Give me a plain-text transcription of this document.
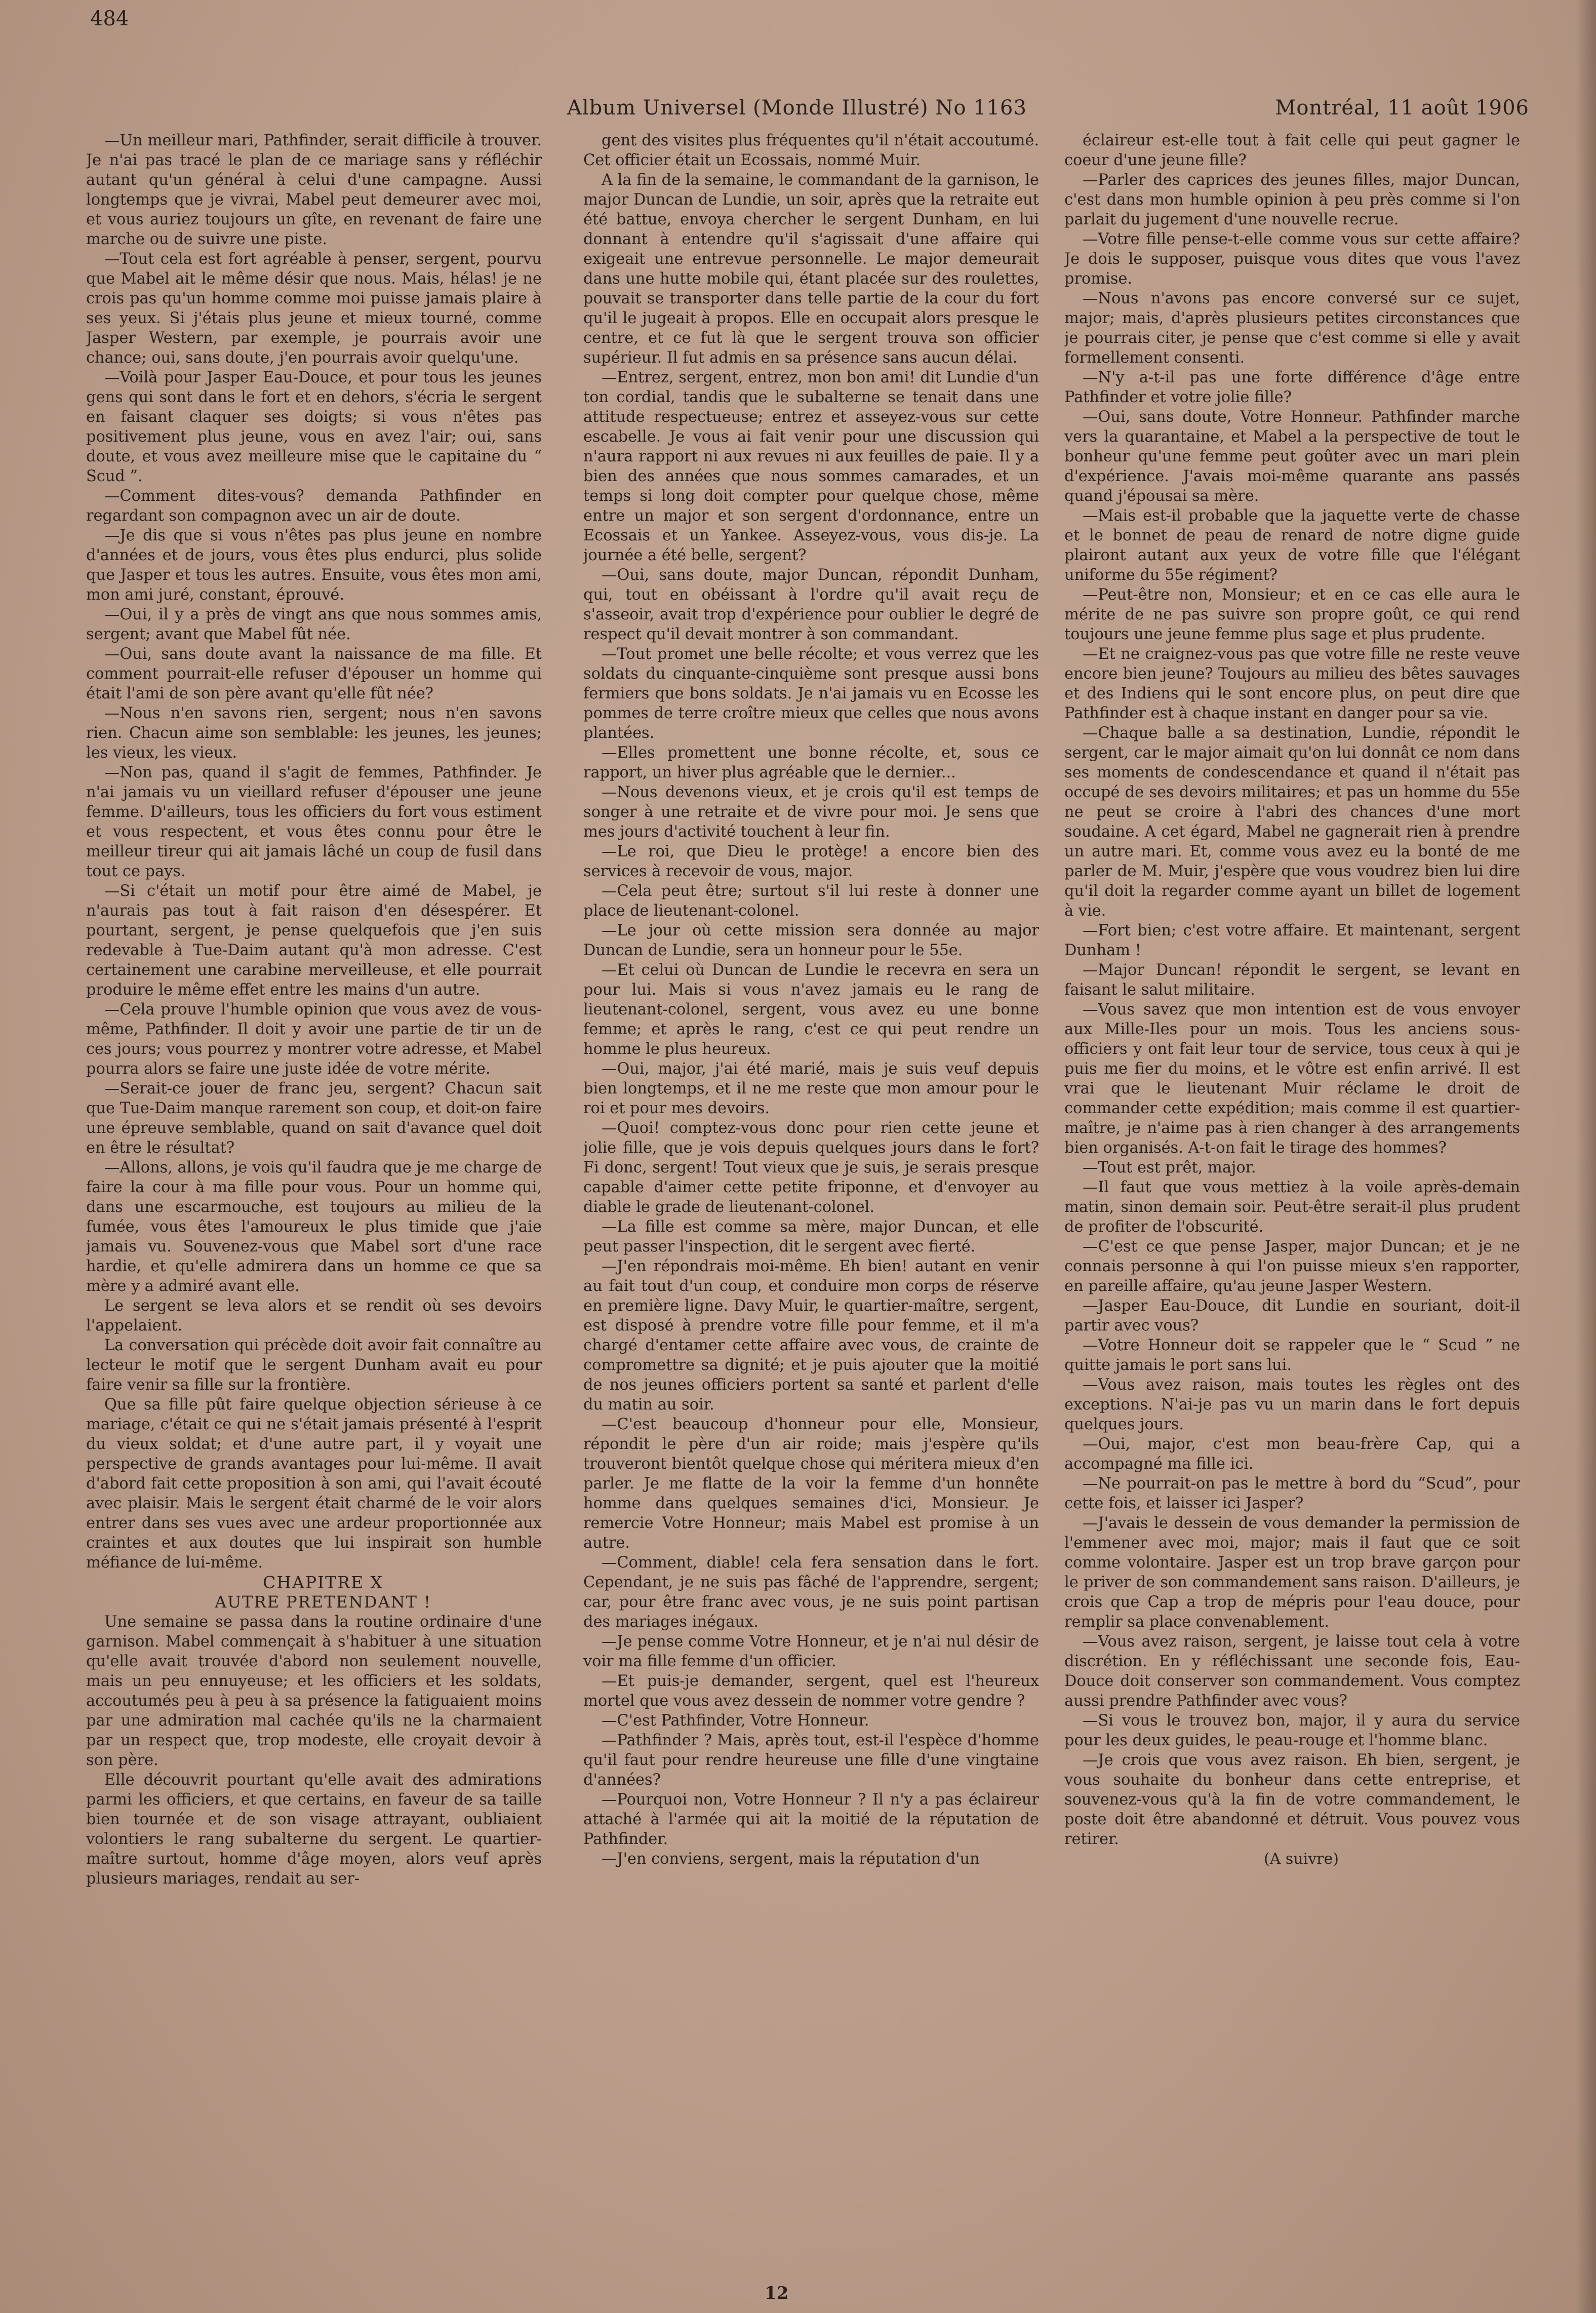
484
Album Universel (Monde Illustré) No 1163	Montréal, 11 août 1906

—Un meilleur mari, Pathfinder, serait difficile à trouver. Je n'ai pas tracé le plan de ce mariage sans y réfléchir autant qu'un général à celui d'une campagne. Aussi longtemps que je vivrai, Mabel peut demeurer avec moi, et vous auriez toujours un gîte, en revenant de faire une marche ou de suivre une piste.

—Tout cela est fort agréable à penser, sergent, pourvu que Mabel ait le même désir que nous. Mais, hélas! je ne crois pas qu'un homme comme moi puisse jamais plaire à ses yeux. Si j'étais plus jeune et mieux tourné, comme Jasper Western, par exemple, je pourrais avoir une chance; oui, sans doute, j'en pourrais avoir quelqu'une.

—Voilà pour Jasper Eau-Douce, et pour tous les jeunes gens qui sont dans le fort et en dehors, s'écria le sergent en faisant claquer ses doigts; si vous n'êtes pas positivement plus jeune, vous en avez l'air; oui, sans doute, et vous avez meilleure mise que le capitaine du “ Scud ”.

—Comment dites-vous? demanda Pathfinder en regardant son compagnon avec un air de doute.

—Je dis que si vous n'êtes pas plus jeune en nombre d'années et de jours, vous êtes plus endurci, plus solide que Jasper et tous les autres. Ensuite, vous êtes mon ami, mon ami juré, constant, éprouvé.

—Oui, il y a près de vingt ans que nous sommes amis, sergent; avant que Mabel fût née.

—Oui, sans doute avant la naissance de ma fille. Et comment pourrait-elle refuser d'épouser un homme qui était l'ami de son père avant qu'elle fût née?

—Nous n'en savons rien, sergent; nous n'en savons rien. Chacun aime son semblable: les jeunes, les jeunes; les vieux, les vieux.

—Non pas, quand il s'agit de femmes, Pathfinder. Je n'ai jamais vu un vieillard refuser d'épouser une jeune femme. D'ailleurs, tous les officiers du fort vous estiment et vous respectent, et vous êtes connu pour être le meilleur tireur qui ait jamais lâché un coup de fusil dans tout ce pays.

—Si c'était un motif pour être aimé de Mabel, je n'aurais pas tout à fait raison d'en désespérer. Et pourtant, sergent, je pense quelquefois que j'en suis redevable à Tue-Daim autant qu'à mon adresse. C'est certainement une carabine merveilleuse, et elle pourrait produire le même effet entre les mains d'un autre.

—Cela prouve l'humble opinion que vous avez de vous-même, Pathfinder. Il doit y avoir une partie de tir un de ces jours; vous pourrez y montrer votre adresse, et Mabel pourra alors se faire une juste idée de votre mérite.

—Serait-ce jouer de franc jeu, sergent? Chacun sait que Tue-Daim manque rarement son coup, et doit-on faire une épreuve semblable, quand on sait d'avance quel doit en être le résultat?

—Allons, allons, je vois qu'il faudra que je me charge de faire la cour à ma fille pour vous. Pour un homme qui, dans une escarmouche, est toujours au milieu de la fumée, vous êtes l'amoureux le plus timide que j'aie jamais vu. Souvenez-vous que Mabel sort d'une race hardie, et qu'elle admirera dans un homme ce que sa mère y a admiré avant elle.

Le sergent se leva alors et se rendit où ses devoirs l'appelaient.

La conversation qui précède doit avoir fait connaître au lecteur le motif que le sergent Dunham avait eu pour faire venir sa fille sur la frontière.

Que sa fille pût faire quelque objection sérieuse à ce mariage, c'était ce qui ne s'était jamais présenté à l'esprit du vieux soldat; et d'une autre part, il y voyait une perspective de grands avantages pour lui-même. Il avait d'abord fait cette proposition à son ami, qui l'avait écouté avec plaisir. Mais le sergent était charmé de le voir alors entrer dans ses vues avec une ardeur proportionnée aux craintes et aux doutes que lui inspirait son humble méfiance de lui-même.

CHAPITRE X

AUTRE PRETENDANT !

Une semaine se passa dans la routine ordinaire d'une garnison. Mabel commençait à s'habituer à une situation qu'elle avait trouvée d'abord non seulement nouvelle, mais un peu ennuyeuse; et les officiers et les soldats, accoutumés peu à peu à sa présence la fatiguaient moins par une admiration mal cachée qu'ils ne la charmaient par un respect que, trop modeste, elle croyait devoir à son père.

Elle découvrit pourtant qu'elle avait des admirations parmi les officiers, et que certains, en faveur de sa taille bien tournée et de son visage attrayant, oubliaient volontiers le rang subalterne du sergent. Le quartier-maître surtout, homme d'âge moyen, alors veuf après plusieurs mariages, rendait au ser-

gent des visites plus fréquentes qu'il n'était accoutumé. Cet officier était un Ecossais, nommé Muir.

A la fin de la semaine, le commandant de la garnison, le major Duncan de Lundie, un soir, après que la retraite eut été battue, envoya chercher le sergent Dunham, en lui donnant à entendre qu'il s'agissait d'une affaire qui exigeait une entrevue personnelle. Le major demeurait dans une hutte mobile qui, étant placée sur des roulettes, pouvait se transporter dans telle partie de la cour du fort qu'il le jugeait à propos. Elle en occupait alors presque le centre, et ce fut là que le sergent trouva son officier supérieur. Il fut admis en sa présence sans aucun délai.

—Entrez, sergent, entrez, mon bon ami! dit Lundie d'un ton cordial, tandis que le subalterne se tenait dans une attitude respectueuse; entrez et asseyez-vous sur cette escabelle. Je vous ai fait venir pour une discussion qui n'aura rapport ni aux revues ni aux feuilles de paie. Il y a bien des années que nous sommes camarades, et un temps si long doit compter pour quelque chose, même entre un major et son sergent d'ordonnance, entre un Ecossais et un Yankee. Asseyez-vous, vous dis-je. La journée a été belle, sergent?

—Oui, sans doute, major Duncan, répondit Dunham, qui, tout en obéissant à l'ordre qu'il avait reçu de s'asseoir, avait trop d'expérience pour oublier le degré de respect qu'il devait montrer à son commandant.

—Tout promet une belle récolte; et vous verrez que les soldats du cinquante-cinquième sont presque aussi bons fermiers que bons soldats. Je n'ai jamais vu en Ecosse les pommes de terre croître mieux que celles que nous avons plantées.

—Elles promettent une bonne récolte, et, sous ce rapport, un hiver plus agréable que le dernier...

—Nous devenons vieux, et je crois qu'il est temps de songer à une retraite et de vivre pour moi. Je sens que mes jours d'activité touchent à leur fin.

—Le roi, que Dieu le protège! a encore bien des services à recevoir de vous, major.

—Cela peut être; surtout s'il lui reste à donner une place de lieutenant-colonel.

—Le jour où cette mission sera donnée au major Duncan de Lundie, sera un honneur pour le 55e.

—Et celui où Duncan de Lundie le recevra en sera un pour lui. Mais si vous n'avez jamais eu le rang de lieutenant-colonel, sergent, vous avez eu une bonne femme; et après le rang, c'est ce qui peut rendre un homme le plus heureux.

—Oui, major, j'ai été marié, mais je suis veuf depuis bien longtemps, et il ne me reste que mon amour pour le roi et pour mes devoirs.

—Quoi! comptez-vous donc pour rien cette jeune et jolie fille, que je vois depuis quelques jours dans le fort? Fi donc, sergent! Tout vieux que je suis, je serais presque capable d'aimer cette petite friponne, et d'envoyer au diable le grade de lieutenant-colonel.

—La fille est comme sa mère, major Duncan, et elle peut passer l'inspection, dit le sergent avec fierté.

—J'en répondrais moi-même. Eh bien! autant en venir au fait tout d'un coup, et conduire mon corps de réserve en première ligne. Davy Muir, le quartier-maître, sergent, est disposé à prendre votre fille pour femme, et il m'a chargé d'entamer cette affaire avec vous, de crainte de compromettre sa dignité; et je puis ajouter que la moitié de nos jeunes officiers portent sa santé et parlent d'elle du matin au soir.

—C'est beaucoup d'honneur pour elle, Monsieur, répondit le père d'un air roide; mais j'espère qu'ils trouveront bientôt quelque chose qui méritera mieux d'en parler. Je me flatte de la voir la femme d'un honnête homme dans quelques semaines d'ici, Monsieur. Je remercie Votre Honneur; mais Mabel est promise à un autre.

—Comment, diable! cela fera sensation dans le fort. Cependant, je ne suis pas fâché de l'apprendre, sergent; car, pour être franc avec vous, je ne suis point partisan des mariages inégaux.

—Je pense comme Votre Honneur, et je n'ai nul désir de voir ma fille femme d'un officier.

—Et puis-je demander, sergent, quel est l'heureux mortel que vous avez dessein de nommer votre gendre ?

—C'est Pathfinder, Votre Honneur.

—Pathfinder ? Mais, après tout, est-il l'espèce d'homme qu'il faut pour rendre heureuse une fille d'une vingtaine d'années?

—Pourquoi non, Votre Honneur ? Il n'y a pas éclaireur attaché à l'armée qui ait la moitié de la réputation de Pathfinder.

—J'en conviens, sergent, mais la réputation d'un

éclaireur est-elle tout à fait celle qui peut gagner le coeur d'une jeune fille?

—Parler des caprices des jeunes filles, major Duncan, c'est dans mon humble opinion à peu près comme si l'on parlait du jugement d'une nouvelle recrue.

—Votre fille pense-t-elle comme vous sur cette affaire? Je dois le supposer, puisque vous dites que vous l'avez promise.

—Nous n'avons pas encore conversé sur ce sujet, major; mais, d'après plusieurs petites circonstances que je pourrais citer, je pense que c'est comme si elle y avait formellement consenti.

—N'y a-t-il pas une forte différence d'âge entre Pathfinder et votre jolie fille?

—Oui, sans doute, Votre Honneur. Pathfinder marche vers la quarantaine, et Mabel a la perspective de tout le bonheur qu'une femme peut goûter avec un mari plein d'expérience. J'avais moi-même quarante ans passés quand j'épousai sa mère.

—Mais est-il probable que la jaquette verte de chasse et le bonnet de peau de renard de notre digne guide plairont autant aux yeux de votre fille que l'élégant uniforme du 55e régiment?

—Peut-être non, Monsieur; et en ce cas elle aura le mérite de ne pas suivre son propre goût, ce qui rend toujours une jeune femme plus sage et plus prudente.

—Et ne craignez-vous pas que votre fille ne reste veuve encore bien jeune? Toujours au milieu des bêtes sauvages et des Indiens qui le sont encore plus, on peut dire que Pathfinder est à chaque instant en danger pour sa vie.

—Chaque balle a sa destination, Lundie, répondit le sergent, car le major aimait qu'on lui donnât ce nom dans ses moments de condescendance et quand il n'était pas occupé de ses devoirs militaires; et pas un homme du 55e ne peut se croire à l'abri des chances d'une mort soudaine. A cet égard, Mabel ne gagnerait rien à prendre un autre mari. Et, comme vous avez eu la bonté de me parler de M. Muir, j'espère que vous voudrez bien lui dire qu'il doit la regarder comme ayant un billet de logement à vie.

—Fort bien; c'est votre affaire. Et maintenant, sergent Dunham !

—Major Duncan! répondit le sergent, se levant en faisant le salut militaire.

—Vous savez que mon intention est de vous envoyer aux Mille-Iles pour un mois. Tous les anciens sous-officiers y ont fait leur tour de service, tous ceux à qui je puis me fier du moins, et le vôtre est enfin arrivé. Il est vrai que le lieutenant Muir réclame le droit de commander cette expédition; mais comme il est quartier-maître, je n'aime pas à rien changer à des arrangements bien organisés. A-t-on fait le tirage des hommes?

—Tout est prêt, major.

—Il faut que vous mettiez à la voile après-demain matin, sinon demain soir. Peut-être serait-il plus prudent de profiter de l'obscurité.

—C'est ce que pense Jasper, major Duncan; et je ne connais personne à qui l'on puisse mieux s'en rapporter, en pareille affaire, qu'au jeune Jasper Western.

—Jasper Eau-Douce, dit Lundie en souriant, doit-il partir avec vous?

—Votre Honneur doit se rappeler que le “ Scud ” ne quitte jamais le port sans lui.

—Vous avez raison, mais toutes les règles ont des exceptions. N'ai-je pas vu un marin dans le fort depuis quelques jours.

—Oui, major, c'est mon beau-frère Cap, qui a accompagné ma fille ici.

—Ne pourrait-on pas le mettre à bord du “Scud”, pour cette fois, et laisser ici Jasper?

—J'avais le dessein de vous demander la permission de l'emmener avec moi, major; mais il faut que ce soit comme volontaire. Jasper est un trop brave garçon pour le priver de son commandement sans raison. D'ailleurs, je crois que Cap a trop de mépris pour l'eau douce, pour remplir sa place convenablement.

—Vous avez raison, sergent, je laisse tout cela à votre discrétion. En y réfléchissant une seconde fois, Eau-Douce doit conserver son commandement. Vous comptez aussi prendre Pathfinder avec vous?

—Si vous le trouvez bon, major, il y aura du service pour les deux guides, le peau-rouge et l'homme blanc.

—Je crois que vous avez raison. Eh bien, sergent, je vous souhaite du bonheur dans cette entreprise, et souvenez-vous qu'à la fin de votre commandement, le poste doit être abandonné et détruit. Vous pouvez vous retirer.

(A suivre)

12
